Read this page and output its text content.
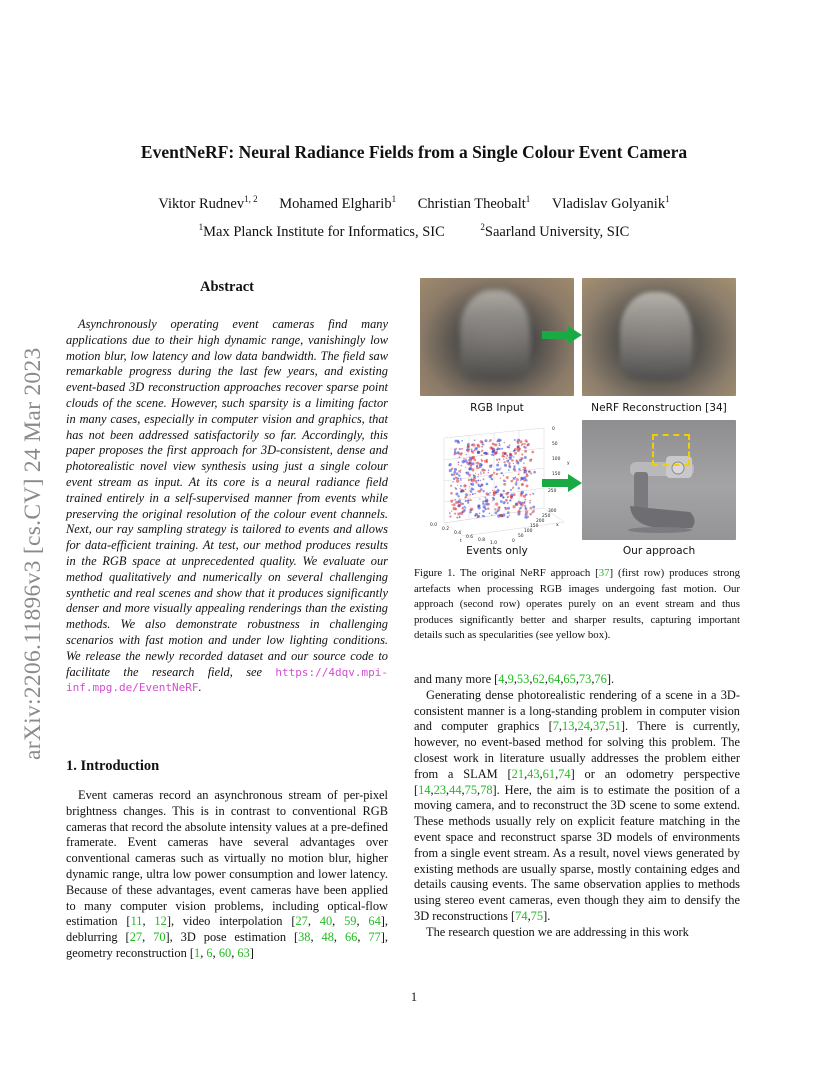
EventNeRF: Neural Radiance Fields from a Single Colour Event Camera
Viktor Rudnev$^{1, 2}$ Mohamed Elgharib$^1$ Christian Theobalt$^1$ Vladislav Golyanik$^1$
$^1$Max Planck Institute for Informatics, SIC	$^2$Saarland University, SIC
arXiv:2206.11896v3 [cs.CV] 24 Mar 2023
Abstract
Asynchronously operating event cameras find many applications due to their high dynamic range, vanishingly low motion blur, low latency and low data bandwidth. The field saw remarkable progress during the last few years, and existing event-based 3D reconstruction approaches recover sparse point clouds of the scene. However, such sparsity is a limiting factor in many cases, especially in computer vision and graphics, that has not been addressed satisfactorily so far. Accordingly, this paper proposes the first approach for 3D-consistent, dense and photorealistic novel view synthesis using just a single colour event stream as input. At its core is a neural radiance field trained entirely in a self-supervised manner from events while preserving the original resolution of the colour event channels. Next, our ray sampling strategy is tailored to events and allows for data-efficient training. At test, our method produces results in the RGB space at unprecedented quality. We evaluate our method qualitatively and numerically on several challenging synthetic and real scenes and show that it produces significantly denser and more visually appealing renderings than the existing methods. We also demonstrate robustness in challenging scenarios with fast motion and under low lighting conditions. We release the newly recorded dataset and our source code to facilitate the research field, see https://4dqv.mpi-inf.mpg.de/EventNeRF.
1. Introduction
Event cameras record an asynchronous stream of per-pixel brightness changes. This is in contrast to conventional RGB cameras that record the absolute intensity values at a pre-defined framerate. Event cameras have several advantages over conventional cameras such as virtually no motion blur, higher dynamic range, ultra low power consumption and lower latency. Because of these advantages, event cameras have been applied to many computer vision problems, including optical-flow estimation [11, 12], video interpolation [27, 40, 59, 64], deblurring [27, 70], 3D pose estimation [38, 48, 66, 77], geometry reconstruction [1, 6, 60, 63]
RGB Input	NeRF Reconstruction [34]
0
50
100
150
250
y
0.0
0.2
0.4
0.6
0.8
1.0
t
300
250
200
150
100
50
0
x
Events only	Our approach
Figure 1. The original NeRF approach [37] (first row) produces strong artefacts when processing RGB images undergoing fast motion. Our approach (second row) operates purely on an event stream and thus produces significantly better and sharper results, capturing important details such as specularities (see yellow box).

and many more [4,9,53,62,64,65,73,76].

Generating dense photorealistic rendering of a scene in a 3D-consistent manner is a long-standing problem in computer vision and computer graphics [7,13,24,37,51]. There is currently, however, no event-based method for solving this problem. The closest work in literature usually addresses the problem either from a SLAM [21,43,61,74] or an odometry perspective [14,23,44,75,78]. Here, the aim is to estimate the position of a moving camera, and to reconstruct the 3D scene to some extend. These methods usually rely on explicit feature matching in the event space and reconstruct sparse 3D models of environments from a single event stream. As a result, novel views generated by existing methods are usually sparse, mostly containing edges and details causing events. The same observation applies to methods using stereo event cameras, even though they aim to densify the 3D reconstructions [74,75].

The research question we are addressing in this work

1
